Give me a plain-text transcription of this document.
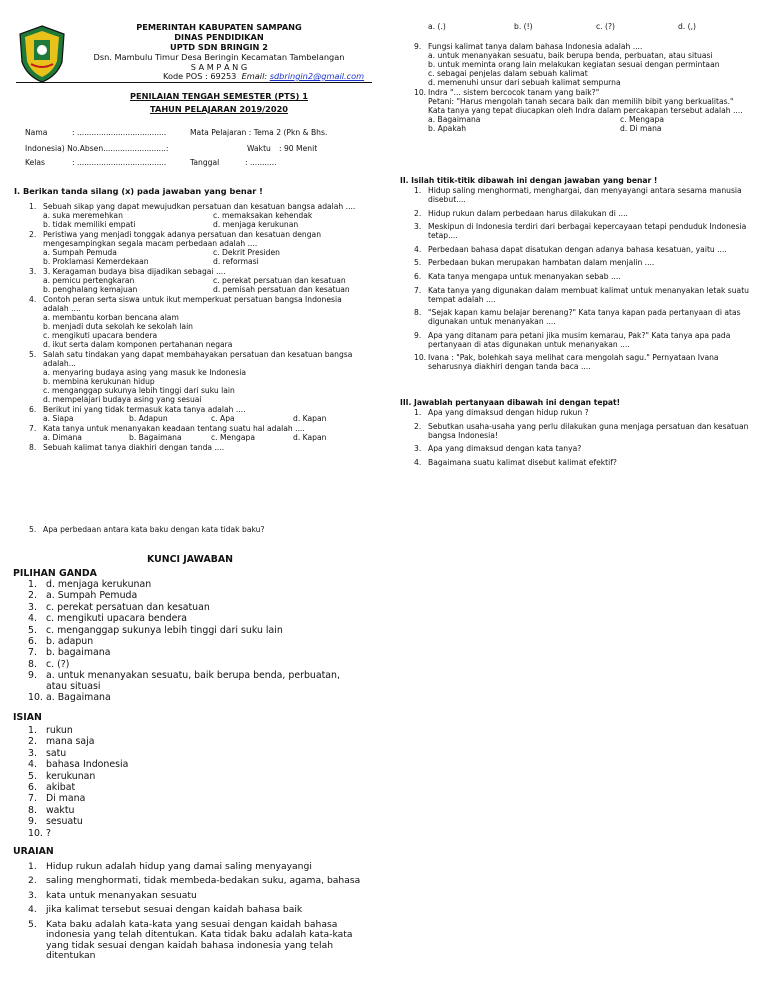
PEMERINTAH KABUPATEN SAMPANG
DINAS PENDIDIKAN
UPTD SDN BRINGIN 2
Dsn. Mambulu Timur Desa Beringin Kecamatan Tambelangan
S A M P A N G
Kode POS : 69253 Email: sdbringin2@gmail.com
PENILAIAN TENGAH SEMESTER (PTS) 1
TAHUN PELAJARAN 2019/2020
Nama	: .....................................	Mata Pelajaran : Tema 2 (Pkn & Bhs.
Indonesia) No.Absen..........................:	Waktu : 90 Menit
Kelas	: .....................................	Tanggal	: ...........
I. Berikan tanda silang (x) pada jawaban yang benar !
1. Sebuah sikap yang dapat mewujudkan persatuan dan kesatuan bangsa adalah ....
a. suka meremehkan	c. memaksakan kehendak
b. tidak memiliki empati	d. menjaga kerukunan
2. Peristiwa yang menjadi tonggak adanya persatuan dan kesatuan dengan mengesampingkan segala macam perbedaan adalah ....
a. Sumpah Pemuda	c. Dekrit Presiden
b. Proklamasi Kemerdekaan	d. reformasi
3. 3. Keragaman budaya bisa dijadikan sebagai ....
a. pemicu pertengkaran	c. perekat persatuan dan kesatuan
b. penghalang kemajuan	d. pemisah persatuan dan kesatuan
4. Contoh peran serta siswa untuk ikut memperkuat persatuan bangsa Indonesia adalah ....
a. membantu korban bencana alam
b. menjadi duta sekolah ke sekolah lain
c. mengikuti upacara bendera
d. ikut serta dalam komponen pertahanan negara
5. Salah satu tindakan yang dapat membahayakan persatuan dan kesatuan bangsa adalah...
a. menyaring budaya asing yang masuk ke Indonesia
b. membina kerukunan hidup
c. menganggap sukunya lebih tinggi dari suku lain
d. mempelajari budaya asing yang sesuai
6. Berikut ini yang tidak termasuk kata tanya adalah ....
a. Siapa	b. Adapun	c. Apa	d. Kapan
7. Kata tanya untuk menanyakan keadaan tentang suatu hal adalah ....
a. Dimana	b. Bagaimana	c. Mengapa	d. Kapan
8. Sebuah kalimat tanya diakhiri dengan tanda ....
a. (.)	b. (!)	c. (?)	d. (,)
9. Fungsi kalimat tanya dalam bahasa Indonesia adalah ....
a. untuk menanyakan sesuatu, baik berupa benda, perbuatan, atau situasi
b. untuk meminta orang lain melakukan kegiatan sesuai dengan permintaan
c. sebagai penjelas dalam sebuah kalimat
d. memenuhi unsur dari sebuah kalimat sempurna
10. Indra "... sistem bercocok tanam yang baik?"
Petani: "Harus mengolah tanah secara baik dan memilih bibit yang berkualitas."
Kata tanya yang tepat diucapkan oleh Indra dalam percakapan tersebut adalah ....
a. Bagaimana	c. Mengapa
b. Apakah	d. Di mana
II. Isilah titik-titik dibawah ini dengan jawaban yang benar !
1. Hidup saling menghormati, menghargai, dan menyayangi antara sesama manusia disebut....
2. Hidup rukun dalam perbedaan harus dilakukan di ....
3. Meskipun di Indonesia terdiri dari berbagai kepercayaan tetapi penduduk Indonesia tetap....
4. Perbedaan bahasa dapat disatukan dengan adanya bahasa kesatuan, yaitu ....
5. Perbedaan bukan merupakan hambatan dalam menjalin ....
6. Kata tanya mengapa untuk menanyakan sebab ....
7. Kata tanya yang digunakan dalam membuat kalimat untuk menanyakan letak suatu tempat adalah ....
8. "Sejak kapan kamu belajar berenang?" Kata tanya kapan pada pertanyaan di atas digunakan untuk menanyakan ....
9. Apa yang ditanam para petani jika musim kemarau, Pak?" Kata tanya apa pada pertanyaan di atas digunakan untuk menanyakan ....
10. Ivana : "Pak, bolehkah saya melihat cara mengolah sagu." Pernyataan Ivana seharusnya diakhiri dengan tanda baca ....
III. Jawablah pertanyaan dibawah ini dengan tepat!
1. Apa yang dimaksud dengan hidup rukun ?
2. Sebutkan usaha-usaha yang perlu dilakukan guna menjaga persatuan dan kesatuan bangsa Indonesia!
3. Apa yang dimaksud dengan kata tanya?
4. Bagaimana suatu kalimat disebut kalimat efektif?
5. Apa perbedaan antara kata baku dengan kata tidak baku?
KUNCI JAWABAN
PILIHAN GANDA
1. d. menjaga kerukunan
2. a. Sumpah Pemuda
3. c. perekat persatuan dan kesatuan
4. c. mengikuti upacara bendera
5. c. menganggap sukunya lebih tinggi dari suku lain
6. b. adapun
7. b. bagaimana
8. c. (?)
9. a. untuk menanyakan sesuatu, baik berupa benda, perbuatan, atau situasi
10. a. Bagaimana
ISIAN
1. rukun
2. mana saja
3. satu
4. bahasa Indonesia
5. kerukunan
6. akibat
7. Di mana
8. waktu
9. sesuatu
10. ?
URAIAN
1. Hidup rukun adalah hidup yang damai saling menyayangi
2. saling menghormati, tidak membeda-bedakan suku, agama, bahasa
3. kata untuk menanyakan sesuatu
4. jika kalimat tersebut sesuai dengan kaidah bahasa baik
5. Kata baku adalah kata-kata yang sesuai dengan kaidah bahasa indonesia yang telah ditentukan. Kata tidak baku adalah kata-kata yang tidak sesuai dengan kaidah bahasa indonesia yang telah ditentukan
